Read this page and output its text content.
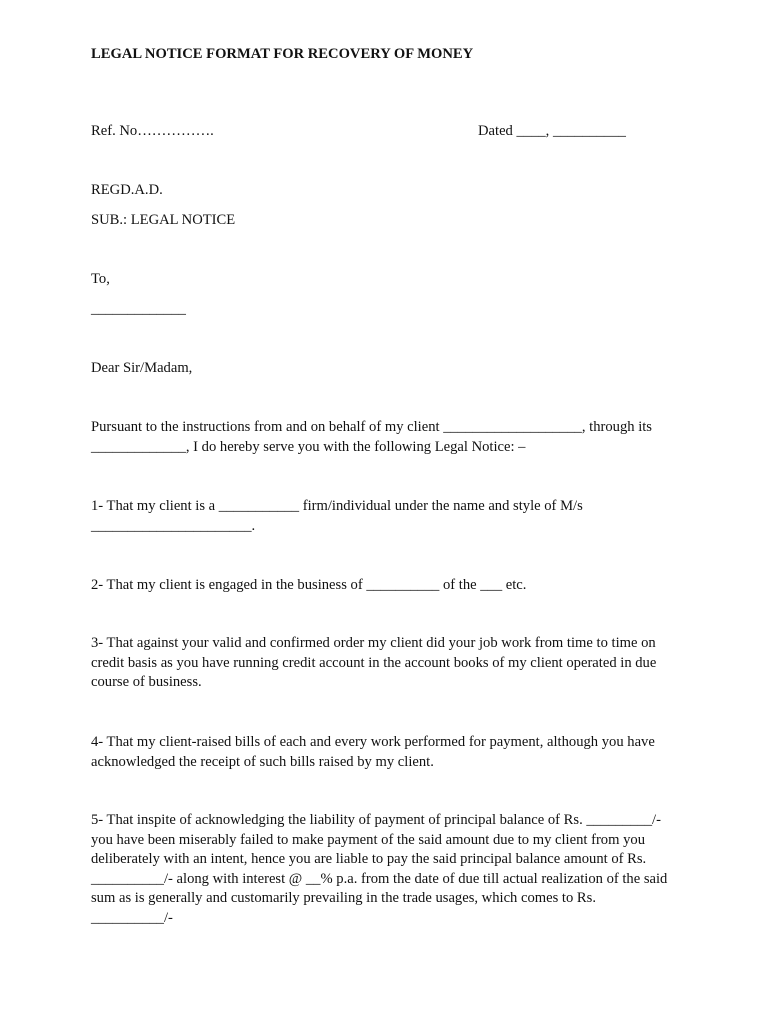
LEGAL NOTICE FORMAT FOR RECOVERY OF MONEY
Ref. No…………….	Dated ____, __________
REGD.A.D.
SUB.: LEGAL NOTICE
To,
_____________
Dear Sir/Madam,
Pursuant to the instructions from and on behalf of my client ___________________, through its _____________, I do hereby serve you with the following Legal Notice: –
1- That my client is a ___________ firm/individual under the name and style of M/s ______________________.
2- That my client is engaged in the business of __________ of the ___ etc.
3- That against your valid and confirmed order my client did your job work from time to time on credit basis as you have running credit account in the account books of my client operated in due course of business.
4- That my client-raised bills of each and every work performed for payment, although you have acknowledged the receipt of such bills raised by my client.
5- That inspite of acknowledging the liability of payment of principal balance of Rs. _________/- you have been miserably failed to make payment of the said amount due to my client from you deliberately with an intent, hence you are liable to pay the said principal balance amount of Rs. __________/- along with interest @ __% p.a. from the date of due till actual realization of the said sum as is generally and customarily prevailing in the trade usages, which comes to Rs. __________/-
